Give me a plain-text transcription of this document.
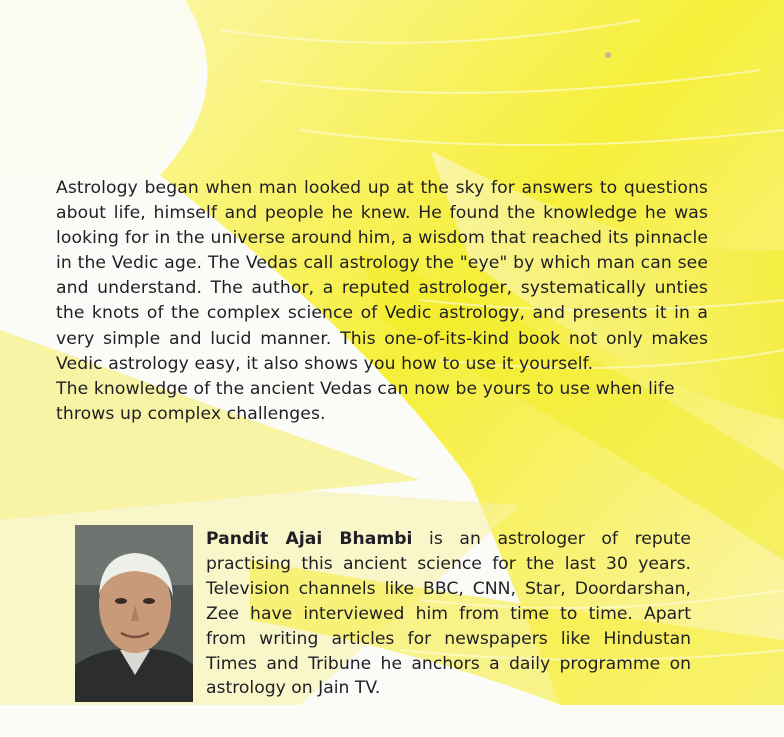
Astrology began when man looked up at the sky for answers to questions about life, himself and people he knew. He found the knowledge he was looking for in the universe around him, a wisdom that reached its pinnacle in the Vedic age. The Vedas call astrology the "eye" by which man can see and understand. The author, a reputed astrologer, systematically unties the knots of the complex science of Vedic astrology, and presents it in a very simple and lucid manner. This one-of-its-kind book not only makes Vedic astrology easy, it also shows you how to use it yourself.

The knowledge of the ancient Vedas can now be yours to use when life throws up complex challenges.

Pandit Ajai Bhambi is an astrologer of repute practising this ancient science for the last 30 years. Television channels like BBC, CNN, Star, Doordarshan, Zee have interviewed him from time to time. Apart from writing articles for newspapers like Hindustan Times and Tribune he anchors a daily programme on astrology on Jain TV.
